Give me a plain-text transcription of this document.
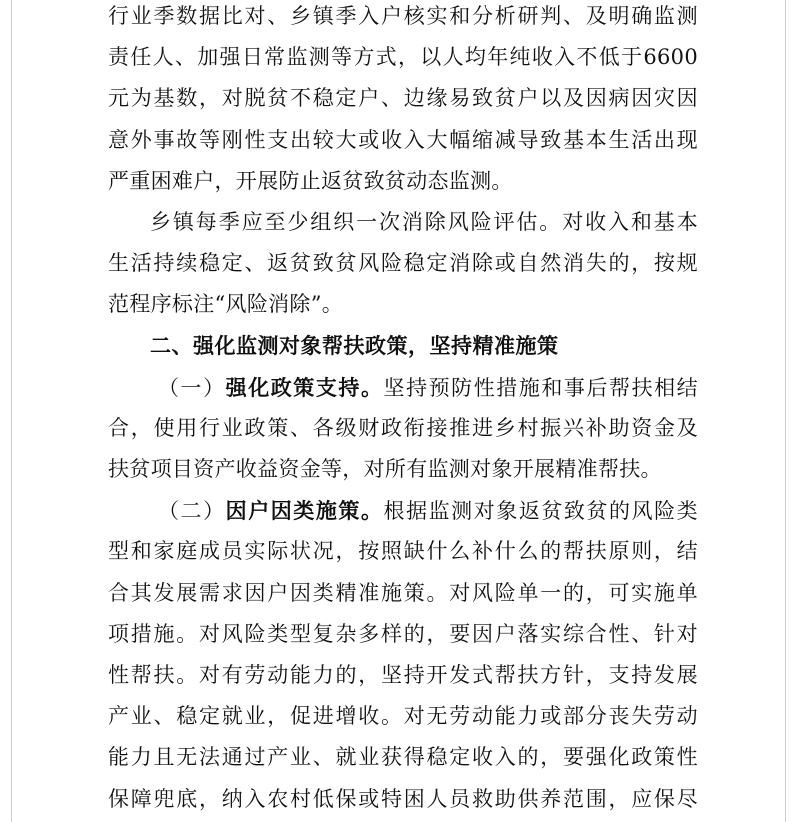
行业季数据比对、乡镇季入户核实和分析研判、及明确监测
责任人、加强日常监测等方式，以人均年纯收入不低于6600
元为基数，对脱贫不稳定户、边缘易致贫户以及因病因灾因
意外事故等刚性支出较大或收入大幅缩减导致基本生活出现
严重困难户，开展防止返贫致贫动态监测。
乡镇每季应至少组织一次消除风险评估。对收入和基本
生活持续稳定、返贫致贫风险稳定消除或自然消失的，按规
范程序标注“风险消除”。
二、强化监测对象帮扶政策，坚持精准施策
（一）强化政策支持。坚持预防性措施和事后帮扶相结
合，使用行业政策、各级财政衔接推进乡村振兴补助资金及
扶贫项目资产收益资金等，对所有监测对象开展精准帮扶。
（二）因户因类施策。根据监测对象返贫致贫的风险类
型和家庭成员实际状况，按照缺什么补什么的帮扶原则，结
合其发展需求因户因类精准施策。对风险单一的，可实施单
项措施。对风险类型复杂多样的，要因户落实综合性、针对
性帮扶。对有劳动能力的，坚持开发式帮扶方针，支持发展
产业、稳定就业，促进增收。对无劳动能力或部分丧失劳动
能力且无法通过产业、就业获得稳定收入的，要强化政策性
保障兜底，纳入农村低保或特困人员救助供养范围，应保尽
